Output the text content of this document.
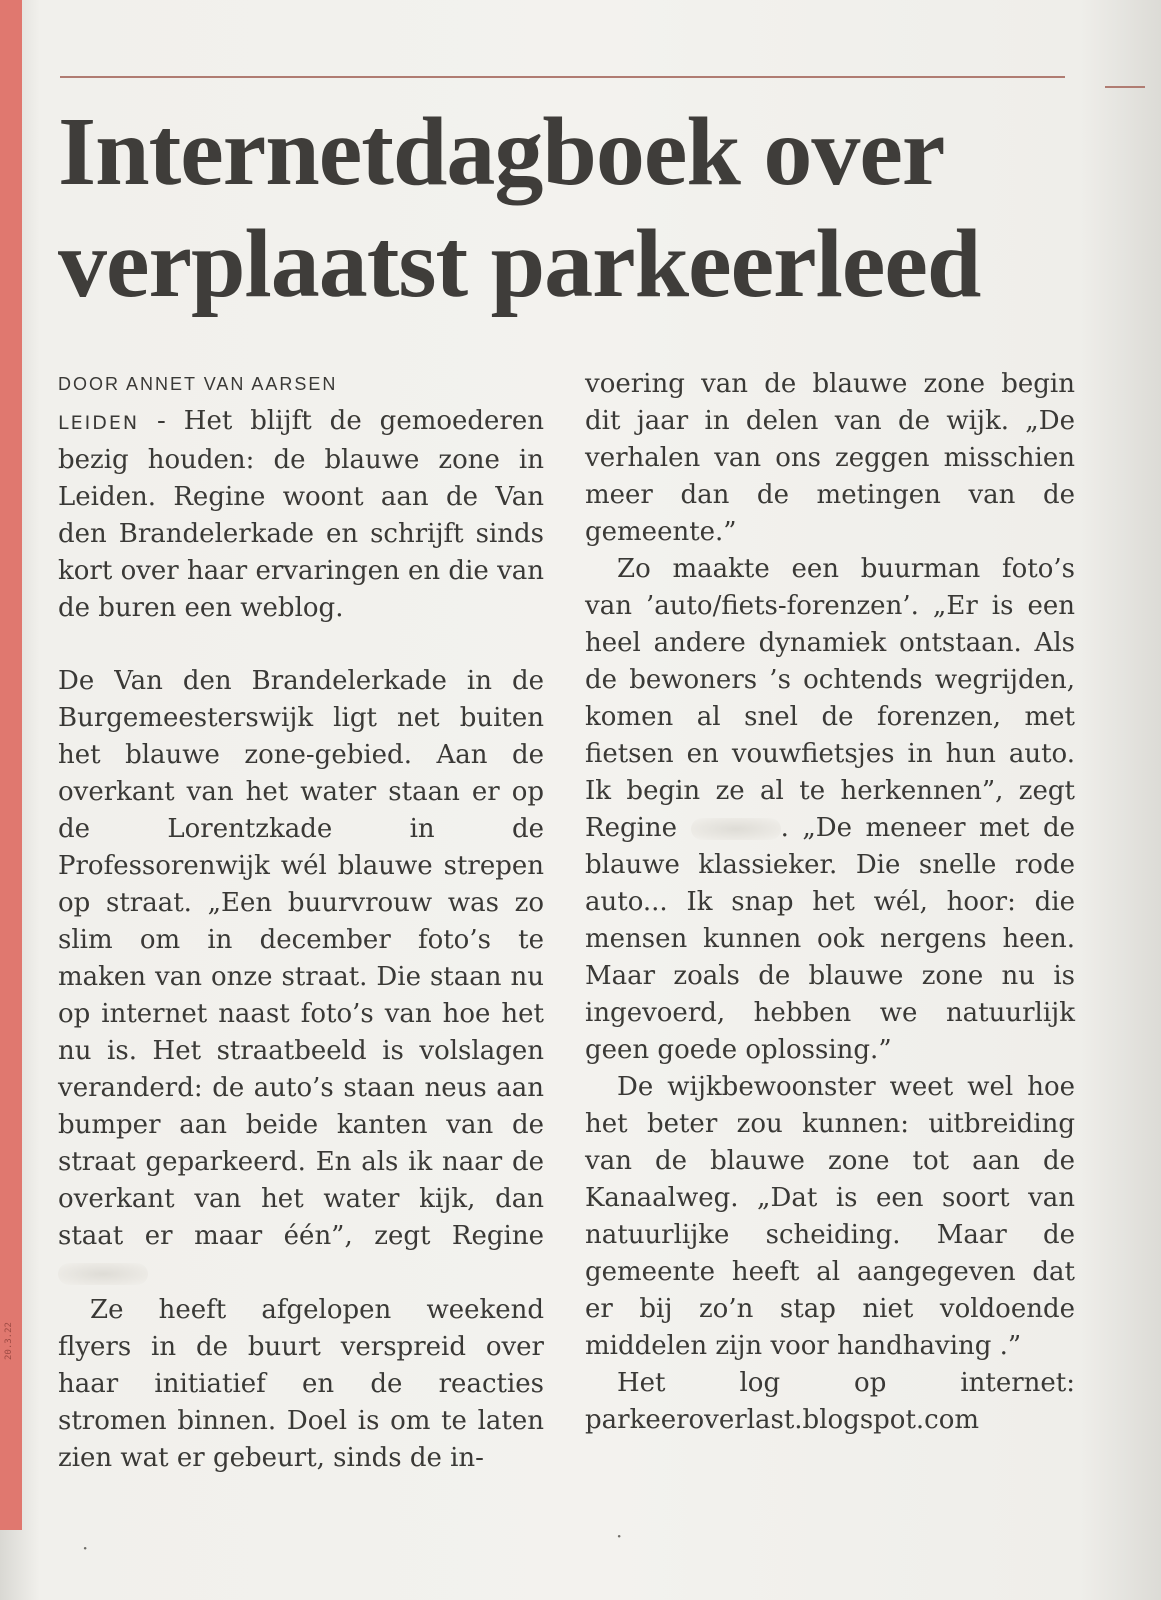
20.3.22
Internetdagboek over verplaatst parkeerleed
DOOR ANNET VAN AARSEN

LEIDEN - Het blijft de gemoederen bezig houden: de blauwe zone in Leiden. Regine woont aan de Van den Brandelerkade en schrijft sinds kort over haar ervaringen en die van de buren een weblog.

De Van den Brandelerkade in de Burgemeesterswijk ligt net buiten het blauwe zone-gebied. Aan de overkant van het water staan er op de Lorentzkade in de Professorenwijk wél blauwe strepen op straat. „Een buurvrouw was zo slim om in december foto’s te maken van onze straat. Die staan nu op internet naast foto’s van hoe het nu is. Het straatbeeld is volslagen veranderd: de auto’s staan neus aan bumper aan beide kanten van de straat geparkeerd. En als ik naar de overkant van het water kijk, dan staat er maar één”, zegt Regine

Ze heeft afgelopen weekend flyers in de buurt verspreid over haar initiatief en de reacties stromen binnen. Doel is om te laten zien wat er gebeurt, sinds de in-

voering van de blauwe zone begin dit jaar in delen van de wijk. „De verhalen van ons zeggen misschien meer dan de metingen van de gemeente.”

Zo maakte een buurman foto’s van ’auto/fiets-forenzen’. „Er is een heel andere dynamiek ontstaan. Als de bewoners ’s ochtends wegrijden, komen al snel de forenzen, met fietsen en vouwfietsjes in hun auto. Ik begin ze al te herkennen”, zegt Regine	. „De meneer met de blauwe klassieker. Die snelle rode auto... Ik snap het wél, hoor: die mensen kunnen ook nergens heen. Maar zoals de blauwe zone nu is ingevoerd, hebben we natuurlijk geen goede oplossing.”

De wijkbewoonster weet wel hoe het beter zou kunnen: uitbreiding van de blauwe zone tot aan de Kanaalweg. „Dat is een soort van natuurlijke scheiding. Maar de gemeente heeft al aangegeven dat er bij zo’n stap niet voldoende middelen zijn voor handhaving .”

Het log op internet: parkeeroverlast.blogspot.com

·	·
